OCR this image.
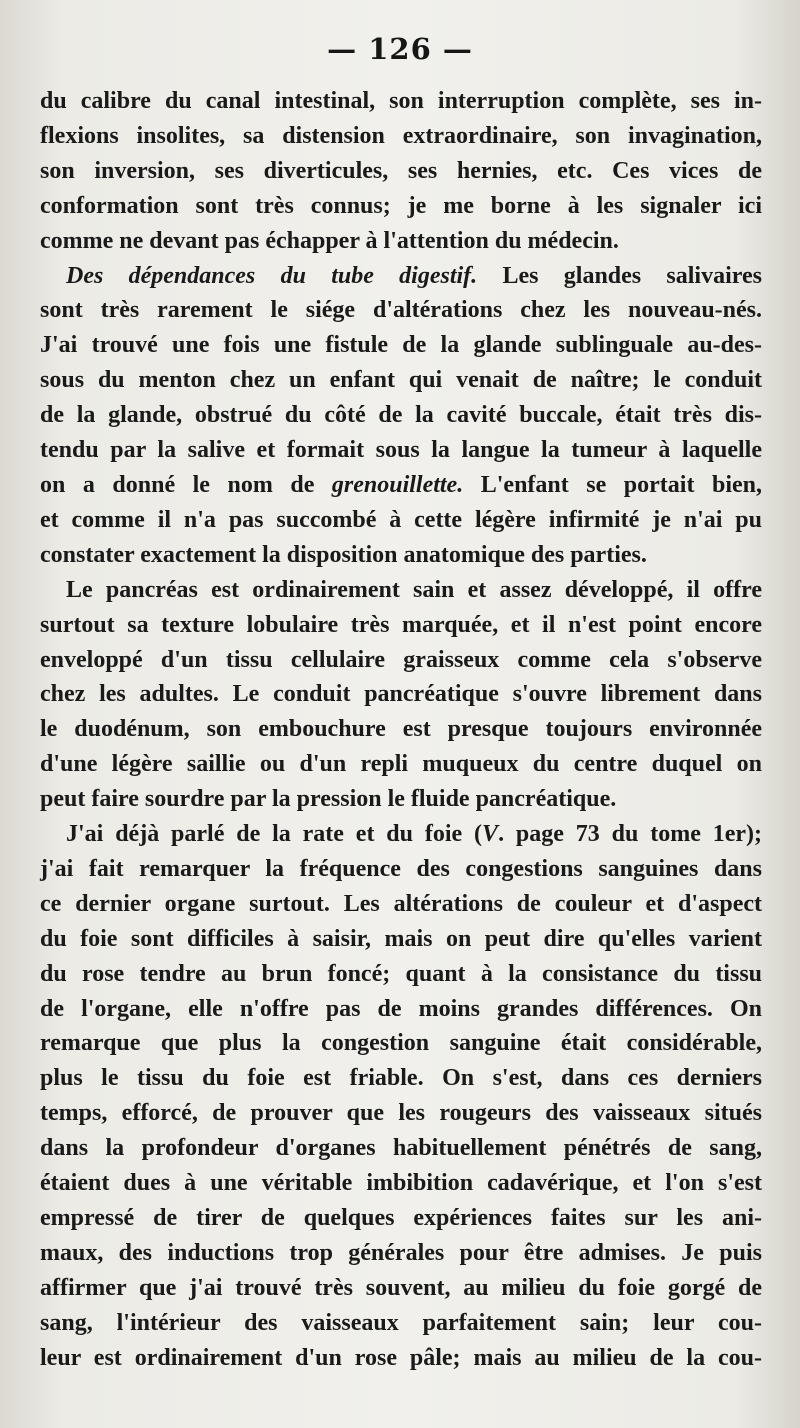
— 126 —
du calibre du canal intestinal, son interruption complète, ses in-
flexions insolites, sa distension extraordinaire, son invagination,
son inversion, ses diverticules, ses hernies, etc. Ces vices de
conformation sont très connus; je me borne à les signaler ici
comme ne devant pas échapper à l'attention du médecin.
Des dépendances du tube digestif. Les glandes salivaires
sont très rarement le siége d'altérations chez les nouveau-nés.
J'ai trouvé une fois une fistule de la glande sublinguale au-des-
sous du menton chez un enfant qui venait de naître; le conduit
de la glande, obstrué du côté de la cavité buccale, était très dis-
tendu par la salive et formait sous la langue la tumeur à laquelle
on a donné le nom de grenouillette. L'enfant se portait bien,
et comme il n'a pas succombé à cette légère infirmité je n'ai pu
constater exactement la disposition anatomique des parties.
Le pancréas est ordinairement sain et assez développé, il offre
surtout sa texture lobulaire très marquée, et il n'est point encore
enveloppé d'un tissu cellulaire graisseux comme cela s'observe
chez les adultes. Le conduit pancréatique s'ouvre librement dans
le duodénum, son embouchure est presque toujours environnée
d'une légère saillie ou d'un repli muqueux du centre duquel on
peut faire sourdre par la pression le fluide pancréatique.
J'ai déjà parlé de la rate et du foie (V. page 73 du tome 1er);
j'ai fait remarquer la fréquence des congestions sanguines dans
ce dernier organe surtout. Les altérations de couleur et d'aspect
du foie sont difficiles à saisir, mais on peut dire qu'elles varient
du rose tendre au brun foncé; quant à la consistance du tissu
de l'organe, elle n'offre pas de moins grandes différences. On
remarque que plus la congestion sanguine était considérable,
plus le tissu du foie est friable. On s'est, dans ces derniers
temps, efforcé, de prouver que les rougeurs des vaisseaux situés
dans la profondeur d'organes habituellement pénétrés de sang,
étaient dues à une véritable imbibition cadavérique, et l'on s'est
empressé de tirer de quelques expériences faites sur les ani-
maux, des inductions trop générales pour être admises. Je puis
affirmer que j'ai trouvé très souvent, au milieu du foie gorgé de
sang, l'intérieur des vaisseaux parfaitement sain; leur cou-
leur est ordinairement d'un rose pâle; mais au milieu de la cou-
